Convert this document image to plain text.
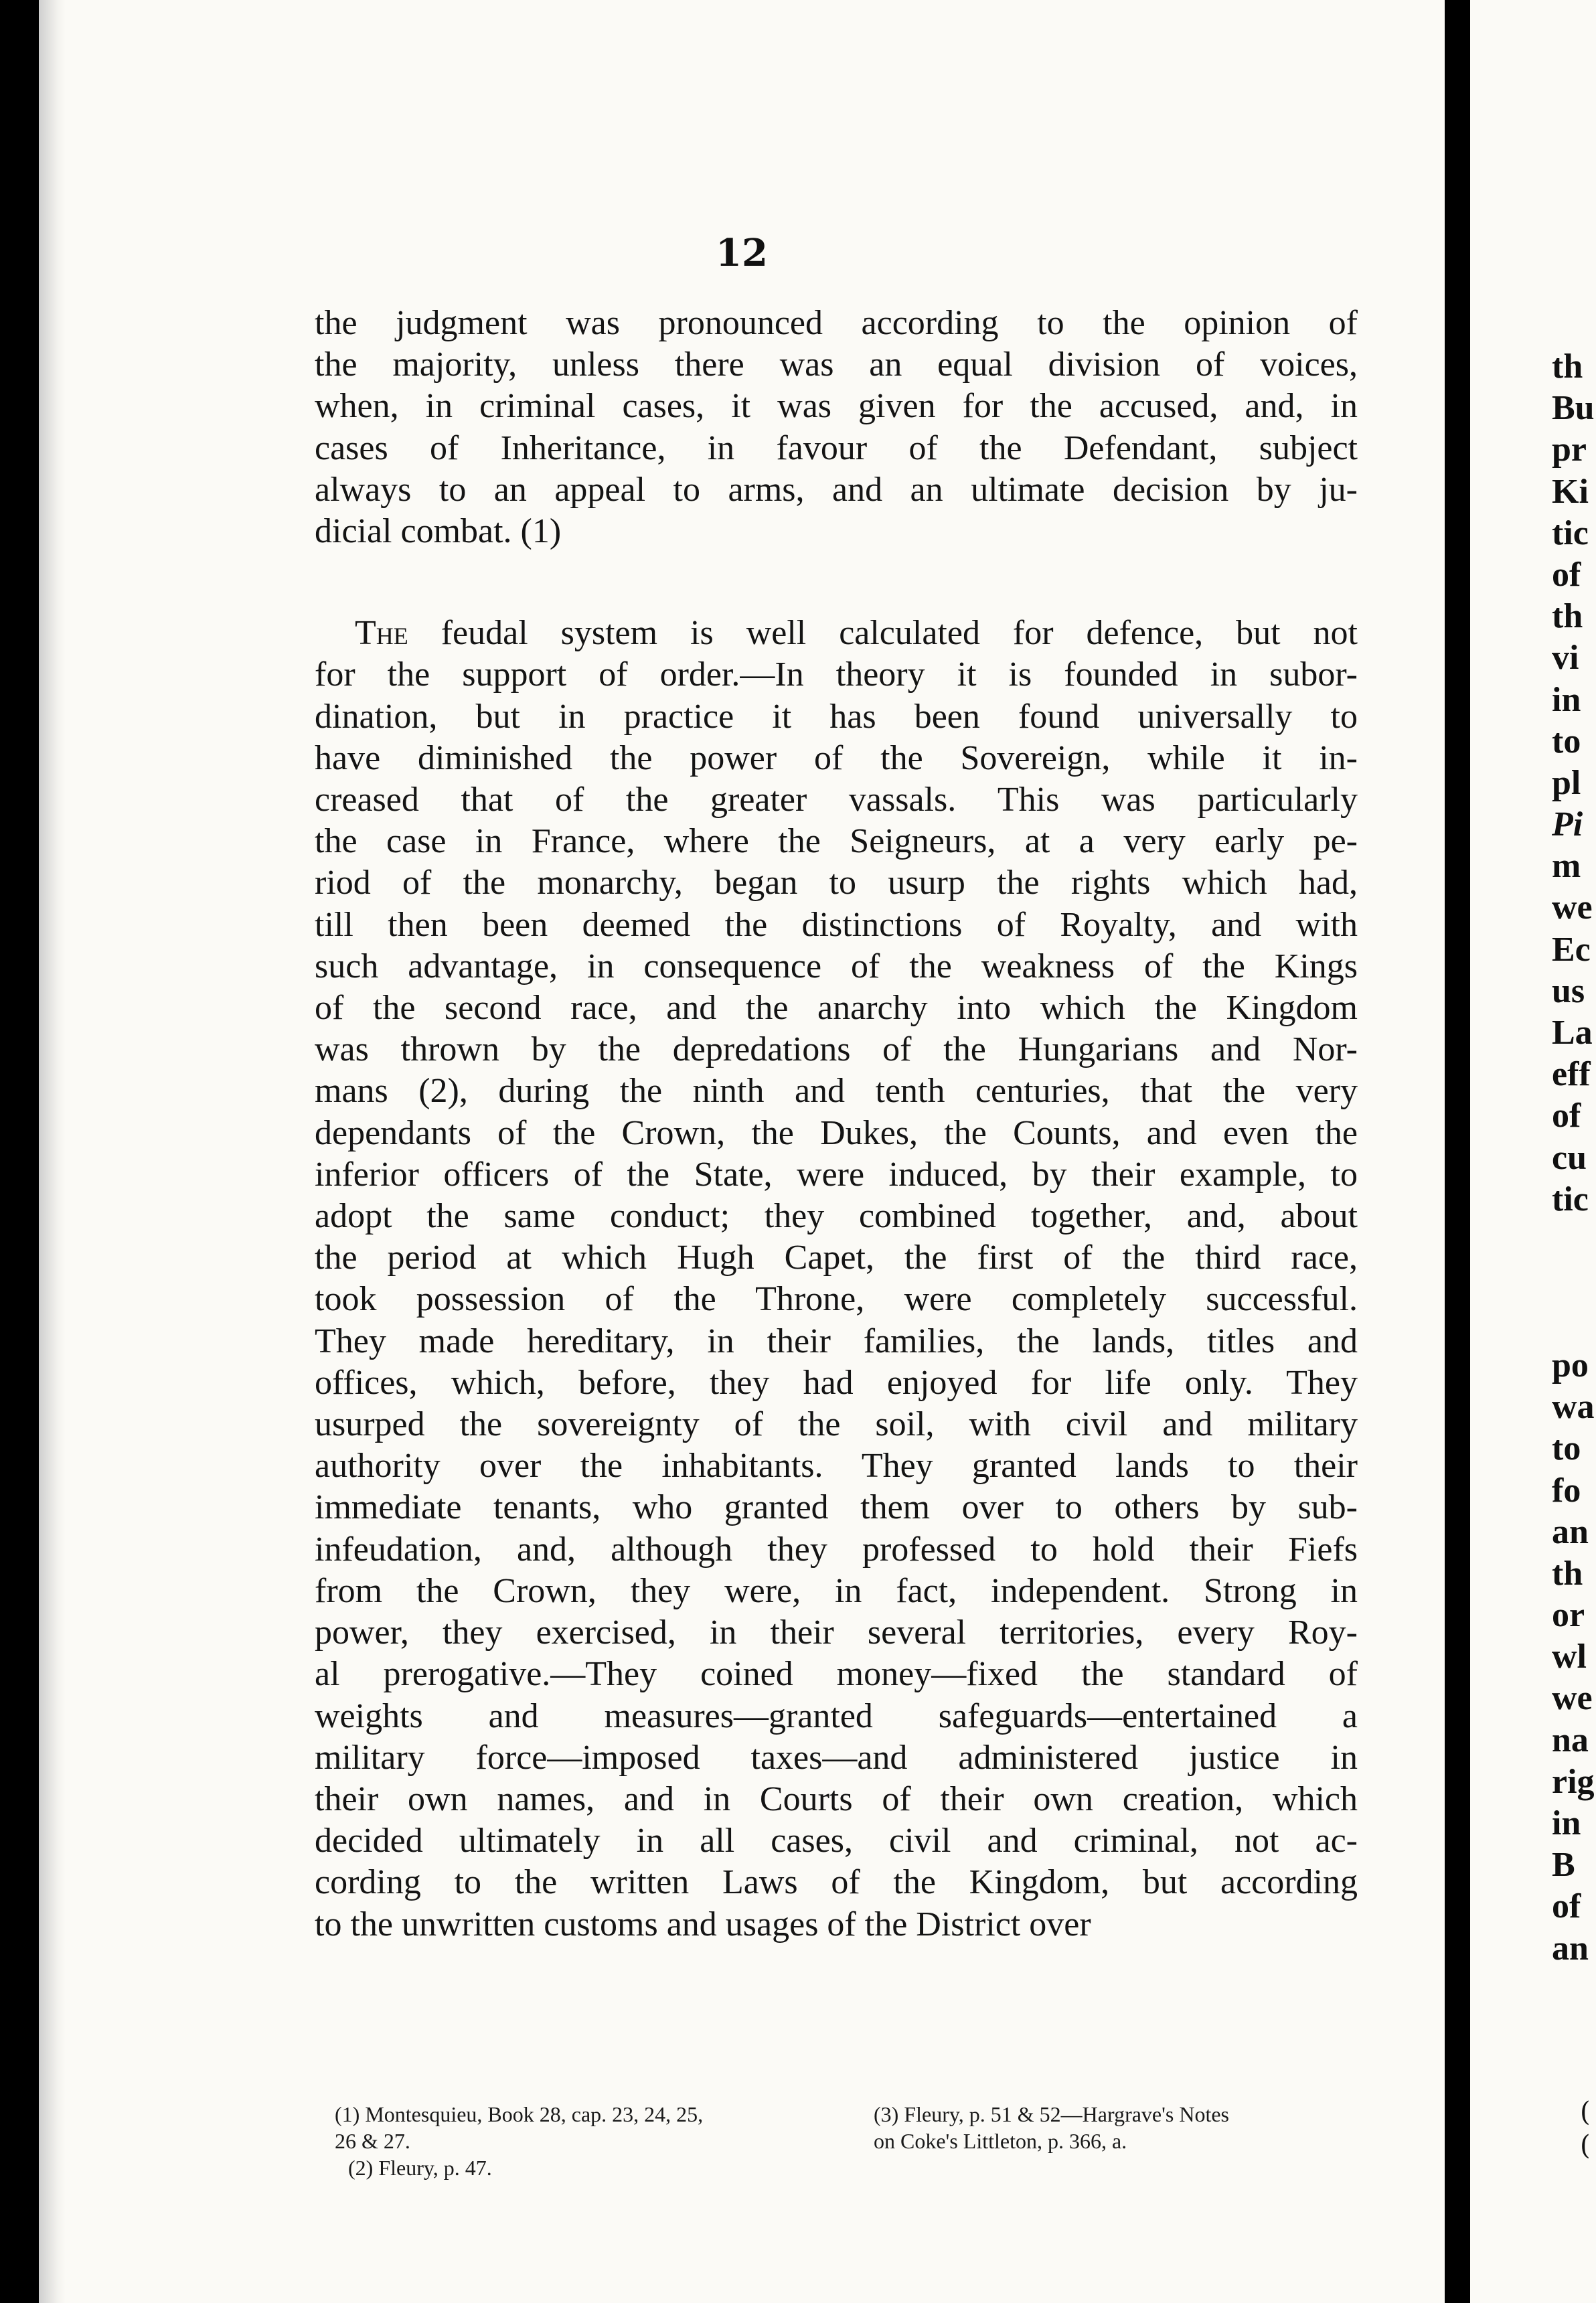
12
the judgment was pronounced according to the opinion of
the majority, unless there was an equal division of voices,
when, in criminal cases, it was given for the accused, and, in
cases of Inheritance, in favour of the Defendant, subject
always to an appeal to arms, and an ultimate decision by ju-
dicial combat. (1)
The feudal system is well calculated for defence, but not
for the support of order.—In theory it is founded in subor-
dination, but in practice it has been found universally to
have diminished the power of the Sovereign, while it in-
creased that of the greater vassals. This was particularly
the case in France, where the Seigneurs, at a very early pe-
riod of the monarchy, began to usurp the rights which had,
till then been deemed the distinctions of Royalty, and with
such advantage, in consequence of the weakness of the Kings
of the second race, and the anarchy into which the Kingdom
was thrown by the depredations of the Hungarians and Nor-
mans (2), during the ninth and tenth centuries, that the very
dependants of the Crown, the Dukes, the Counts, and even the
inferior officers of the State, were induced, by their example, to
adopt the same conduct; they combined together, and, about
the period at which Hugh Capet, the first of the third race,
took possession of the Throne, were completely successful.
They made hereditary, in their families, the lands, titles and
offices, which, before, they had enjoyed for life only. They
usurped the sovereignty of the soil, with civil and military
authority over the inhabitants. They granted lands to their
immediate tenants, who granted them over to others by sub-
infeudation, and, although they professed to hold their Fiefs
from the Crown, they were, in fact, independent. Strong in
power, they exercised, in their several territories, every Roy-
al prerogative.—They coined money—fixed the standard of
weights and measures—granted safeguards—entertained a
military force—imposed taxes—and administered justice in
their own names, and in Courts of their own creation, which
decided ultimately in all cases, civil and criminal, not ac-
cording to the written Laws of the Kingdom, but according
to the unwritten customs and usages of the District over
(1) Montesquieu, Book 28, cap. 23, 24, 25,
26 & 27.
(2) Fleury, p. 47.
(3) Fleury, p. 51 & 52—Hargrave's Notes
on Coke's Littleton, p. 366, a.
th
Bu
pr
Ki
tic
of
th
vi
in
to
pl
Pi
m
we
Ec
us
La
eff
of
cu
tic
po
wa
to
fo
an
th
or
wl
we
na
rig
in
B
of
an
(
(
